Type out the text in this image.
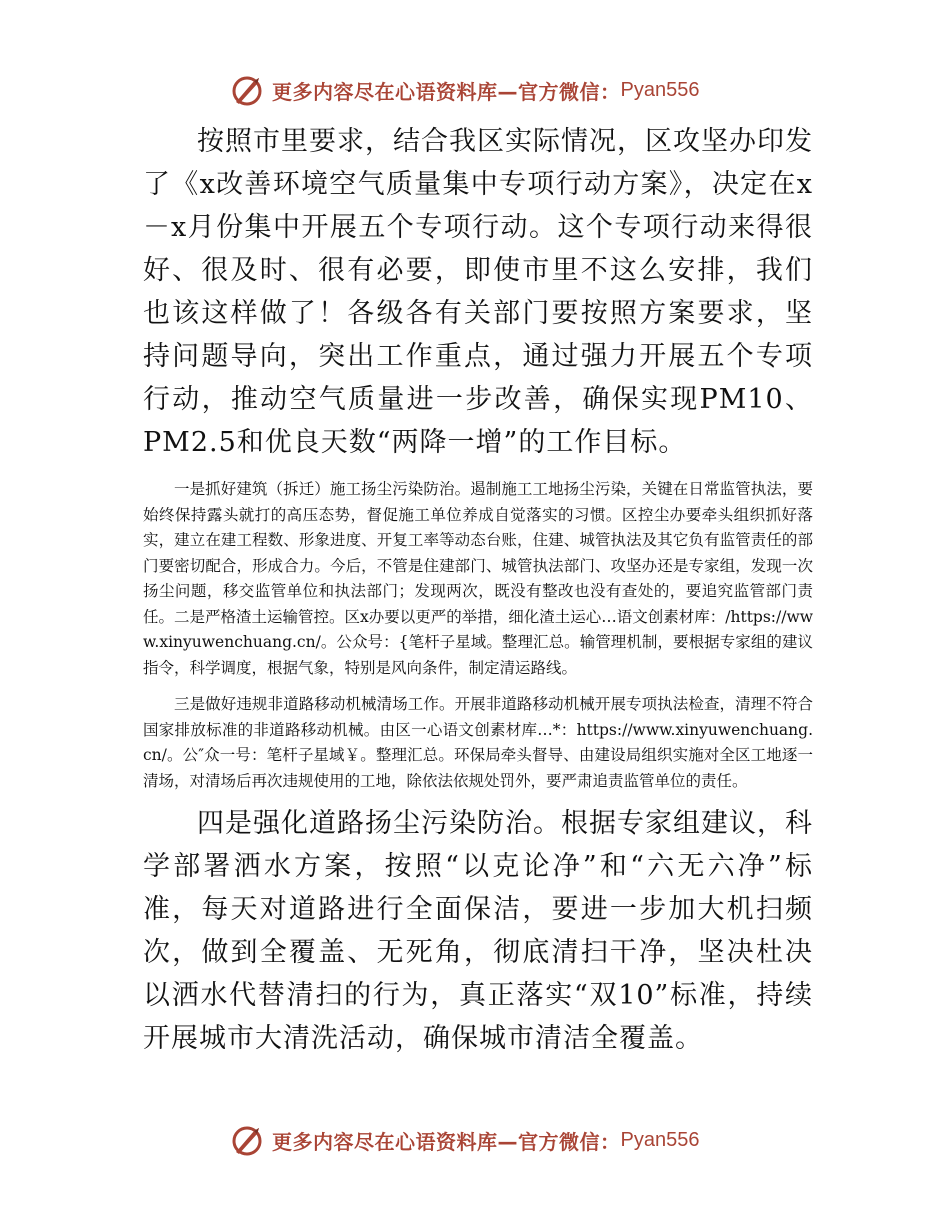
更多内容尽在心语资料库—官方微信： Pyan556

按照市里要求，结合我区实际情况，区攻坚办印发了《x改善环境空气质量集中专项行动方案》，决定在x－x月份集中开展五个专项行动。这个专项行动来得很好、很及时、很有必要，即使市里不这么安排，我们也该这样做了！各级各有关部门要按照方案要求，坚持问题导向，突出工作重点，通过强力开展五个专项行动，推动空气质量进一步改善，确保实现PM10、PM2.5和优良天数“两降一增”的工作目标。

一是抓好建筑（拆迁）施工扬尘污染防治。遏制施工工地扬尘污染，关键在日常监管执法，要始终保持露头就打的高压态势，督促施工单位养成自觉落实的习惯。区控尘办要牵头组织抓好落实，建立在建工程数、形象进度、开复工率等动态台账，住建、城管执法及其它负有监管责任的部门要密切配合，形成合力。今后，不管是住建部门、城管执法部门、攻坚办还是专家组，发现一次扬尘问题，移交监管单位和执法部门；发现两次，既没有整改也没有查处的，要追究监管部门责任。二是严格渣土运输管控。区x办要以更严的举措，细化渣土运心…语文创素材库：/https://www.xinyuwenchuang.cn/。公众号：{笔杆子星域。整理汇总。输管理机制，要根据专家组的建议指令，科学调度，根据气象，特别是风向条件，制定清运路线。

三是做好违规非道路移动机械清场工作。开展非道路移动机械开展专项执法检查，清理不符合国家排放标准的非道路移动机械。由区一心语文创素材库…*：https://www.xinyuwenchuang.cn/。公″众一号：笔杆子星域￥。整理汇总。环保局牵头督导、由建设局组织实施对全区工地逐一清场，对清场后再次违规使用的工地，除依法依规处罚外，要严肃追责监管单位的责任。

四是强化道路扬尘污染防治。根据专家组建议，科学部署洒水方案，按照“以克论净”和“六无六净”标准，每天对道路进行全面保洁，要进一步加大机扫频次，做到全覆盖、无死角，彻底清扫干净，坚决杜决以洒水代替清扫的行为，真正落实“双10”标准，持续开展城市大清洗活动，确保城市清洁全覆盖。

更多内容尽在心语资料库—官方微信： Pyan556
